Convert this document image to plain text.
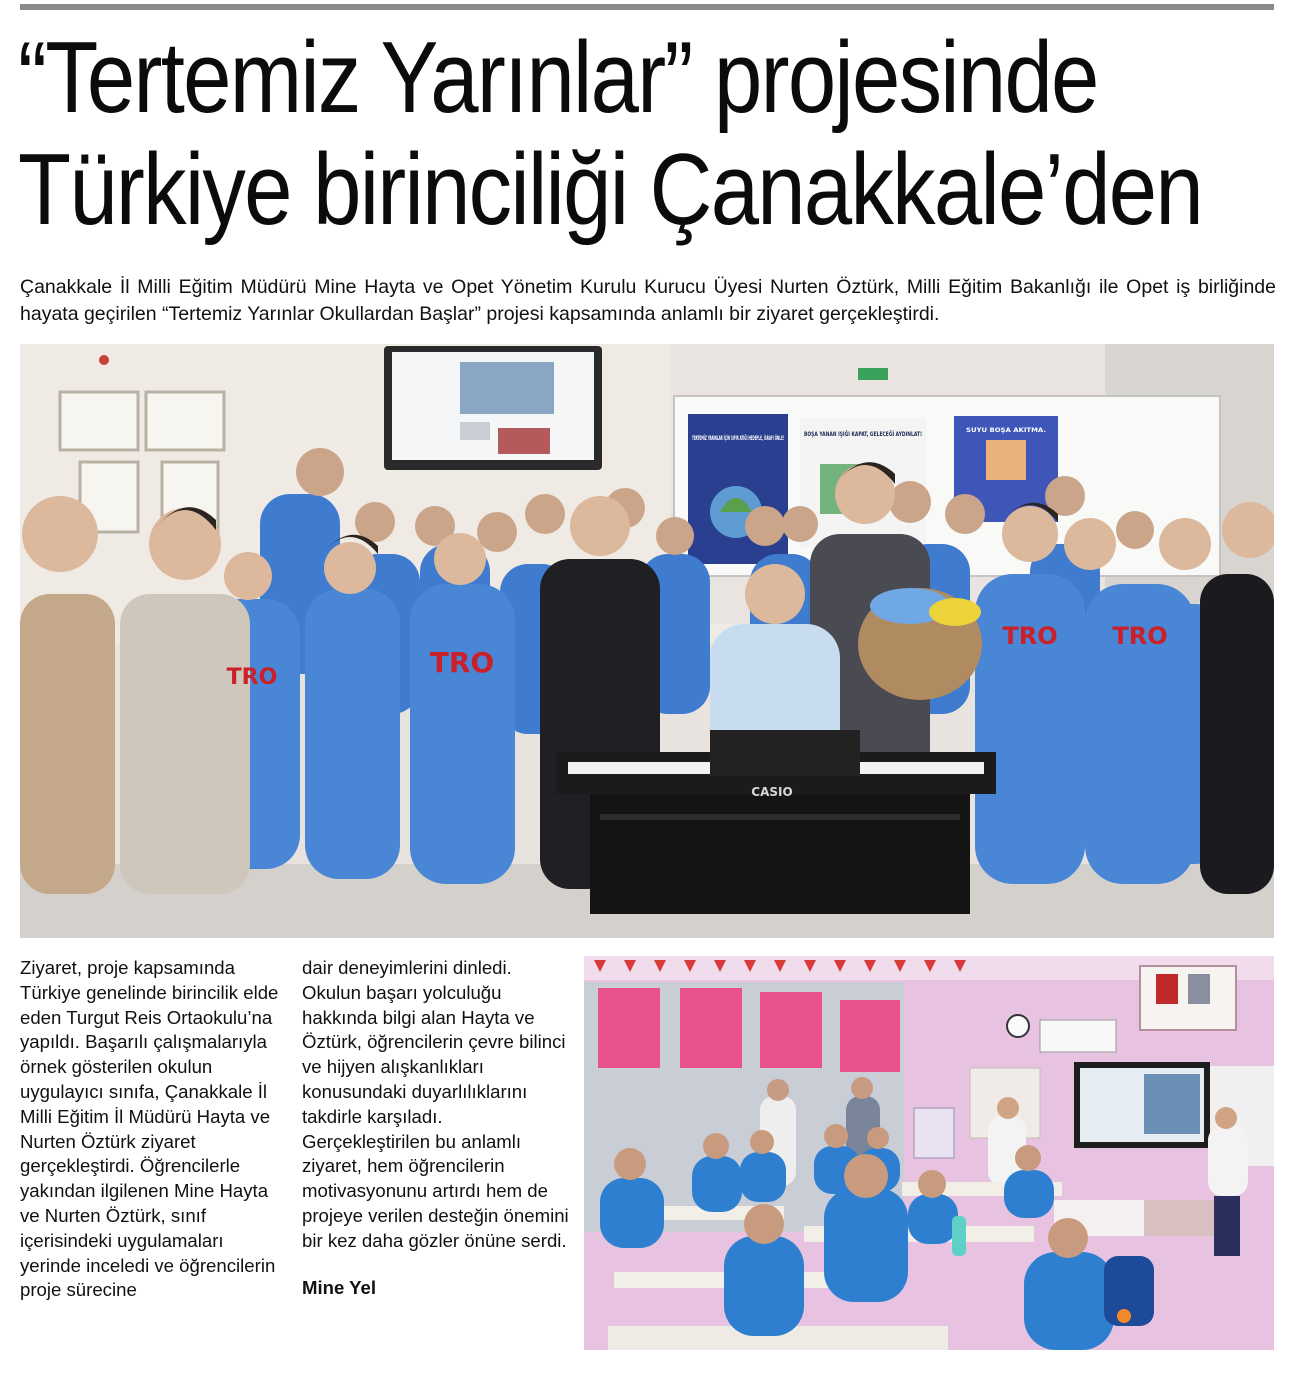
“Tertemiz Yarınlar” projesinde
Türkiye birinciliği Çanakkale’den

Çanakkale İl Milli Eğitim Müdürü Mine Hayta ve Opet Yönetim Kurulu Kurucu Üyesi Nurten Öztürk, Milli Eğitim Bakanlığı ile Opet iş birliğinde hayata geçirilen “Tertemiz Yarınlar Okullardan Başlar” projesi kapsamında anlamlı bir ziyaret gerçekleştirdi.

TERTEMİZ YARINLAR İÇİN SIFIR ATIĞI HEDEFLE, İSRAFI ÖNLE!
BOŞA YANAN IŞIĞI KAPAT, GELECEĞİ AYDINLAT!
SUYU BOŞA AKITMA.
TRO	TRO
TRO TRO
CASIO

Ziyaret, proje kapsamında Türkiye genelinde birincilik elde eden Turgut Reis Ortaokulu’na yapıldı. Başarılı çalışmalarıyla örnek gösterilen okulun uygulayıcı sınıfa, Çanakkale İl Milli Eğitim İl Müdürü Hayta ve Nurten Öztürk ziyaret gerçekleştirdi. Öğrencilerle yakından ilgilenen Mine Hayta ve Nurten Öztürk, sınıf içerisindeki uygulamaları yerinde inceledi ve öğrencilerin proje sürecine

dair deneyimlerini dinledi. Okulun başarı yolculuğu hakkında bilgi alan Hayta ve Öztürk, öğrencilerin çevre bilinci ve hijyen alışkanlıkları konusundaki duyarlılıklarını takdirle karşıladı.

Gerçekleştirilen bu anlamlı ziyaret, hem öğrencilerin motivasyonunu artırdı hem de projeye verilen desteğin önemini bir kez daha gözler önüne serdi.

Mine Yel
